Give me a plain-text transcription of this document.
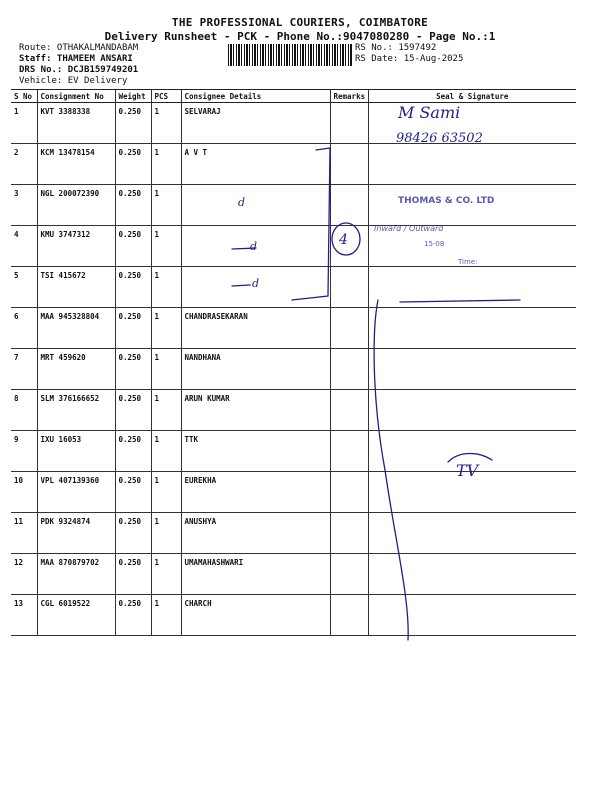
THE PROFESSIONAL COURIERS, COIMBATORE
Delivery Runsheet - PCK - Phone No.:9047080280 - Page No.:1
Route: OTHAKALMANDABAM
Staff: THAMEEM ANSARI
DRS No.: DCJB159749201
Vehicle: EV Delivery
RS No.: 1597492
RS Date: 15-Aug-2025
S No	Consignment No	Weight	PCS	Consignee Details	Remarks	Seal & Signature
1	KVT 3388338	0.250	1	SELVARAJ		
2	KCM 13478154	0.250	1	A V T		
3	NGL 200072390	0.250	1			
4	KMU 3747312	0.250	1			
5	TSI 415672	0.250	1			
6	MAA 945328804	0.250	1	CHANDRASEKARAN		
7	MRT 459620	0.250	1	NANDHANA		
8	SLM 376166652	0.250	1	ARUN KUMAR		
9	IXU 16053	0.250	1	TTK		
10	VPL 407139360	0.250	1	EUREKHA		
11	PDK 9324874	0.250	1	ANUSHYA		
12	MAA 870879702	0.250	1	UMAMAHASHWARI		
13	CGL 6019522	0.250	1	CHARCH		
M Sami
98426 63502
4
d
d
d
TV
THOMAS & CO. LTD
Inward / Outward
15-08
Time:
